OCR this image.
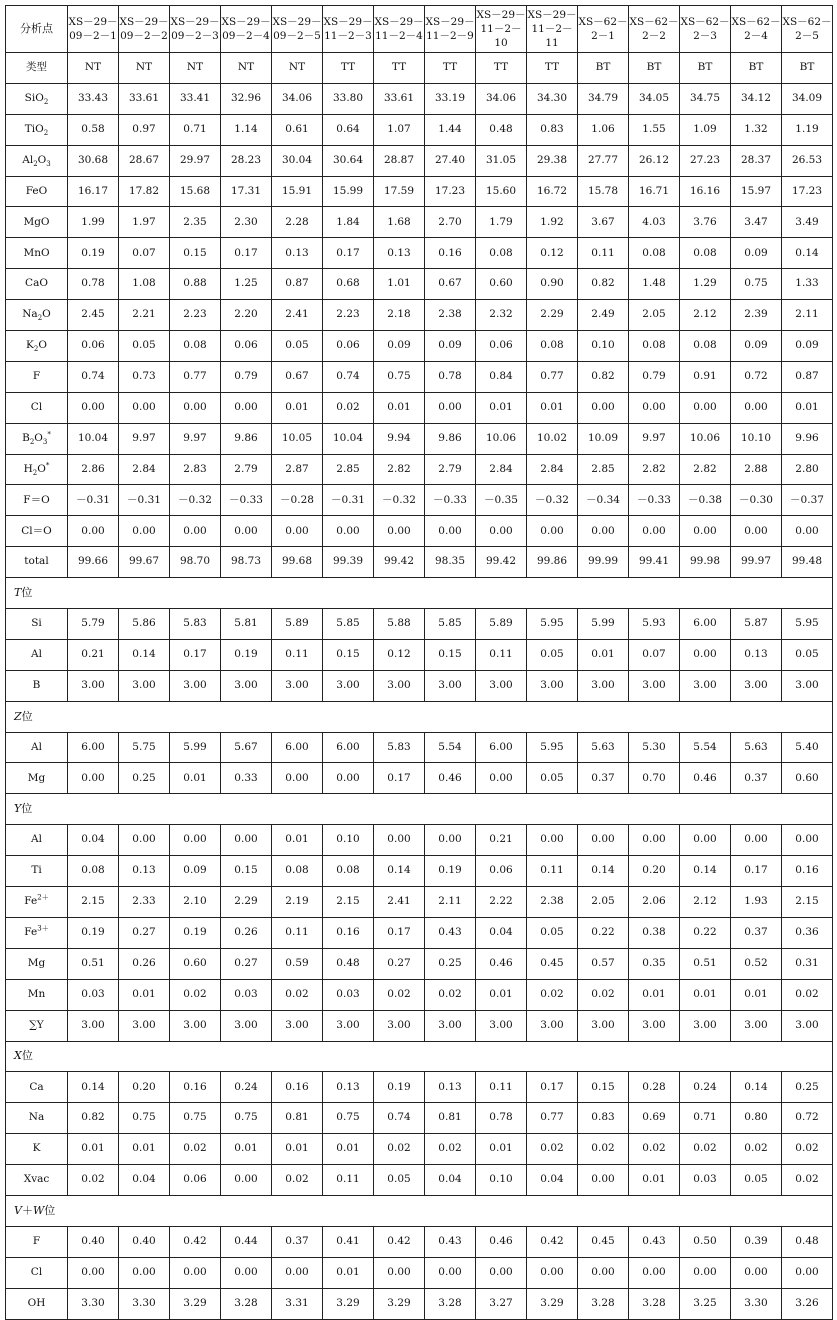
分析点	XS－29－09－2－1	XS－29－09－2－2	XS－29－09－2－3	XS－29－09－2－4	XS－29－09－2－5	XS－29－11－2－3	XS－29－11－2－4	XS－29－11－2－9	XS－29－11－2－10	XS－29－11－2－11	XS－62－2－1	XS－62－2－2	XS－62－2－3	XS－62－2－4	XS－62－2－5
类型	NT	NT	NT	NT	NT	TT	TT	TT	TT	TT	BT	BT	BT	BT	BT
SiO$_2$	33.43	33.61	33.41	32.96	34.06	33.80	33.61	33.19	34.06	34.30	34.79	34.05	34.75	34.12	34.09
TiO$_2$	0.58	0.97	0.71	1.14	0.61	0.64	1.07	1.44	0.48	0.83	1.06	1.55	1.09	1.32	1.19
$Al_2O_3$	30.68	28.67	29.97	28.23	30.04	30.64	28.87	27.40	31.05	29.38	27.77	26.12	27.23	28.37	26.53
FeO	16.17	17.82	15.68	17.31	15.91	15.99	17.59	17.23	15.60	16.72	15.78	16.71	16.16	15.97	17.23
MgO	1.99	1.97	2.35	2.30	2.28	1.84	1.68	2.70	1.79	1.92	3.67	4.03	3.76	3.47	3.49
MnO	0.19	0.07	0.15	0.17	0.13	0.17	0.13	0.16	0.08	0.12	0.11	0.08	0.08	0.09	0.14
CaO	0.78	1.08	0.88	1.25	0.87	0.68	1.01	0.67	0.60	0.90	0.82	1.48	1.29	0.75	1.33
$Na_2O$	2.45	2.21	2.23	2.20	2.41	2.23	2.18	2.38	2.32	2.29	2.49	2.05	2.12	2.39	2.11
$K_2O$	0.06	0.05	0.08	0.06	0.05	0.06	0.09	0.09	0.06	0.08	0.10	0.08	0.08	0.09	0.09
F	0.74	0.73	0.77	0.79	0.67	0.74	0.75	0.78	0.84	0.77	0.82	0.79	0.91	0.72	0.87
Cl	0.00	0.00	0.00	0.00	0.01	0.02	0.01	0.00	0.01	0.01	0.00	0.00	0.00	0.00	0.01
$B_2O_3^*$	10.04	9.97	9.97	9.86	10.05	10.04	9.94	9.86	10.06	10.02	10.09	9.97	10.06	10.10	9.96
$H_2O^*$	2.86	2.84	2.83	2.79	2.87	2.85	2.82	2.79	2.84	2.84	2.85	2.82	2.82	2.88	2.80
F＝O	－0.31	－0.31	－0.32	－0.33	－0.28	－0.31	－0.32	－0.33	－0.35	－0.32	－0.34	－0.33	－0.38	－0.30	－0.37
Cl＝O	0.00	0.00	0.00	0.00	0.00	0.00	0.00	0.00	0.00	0.00	0.00	0.00	0.00	0.00	0.00
total	99.66	99.67	98.70	98.73	99.68	99.39	99.42	98.35	99.42	99.86	99.99	99.41	99.98	99.97	99.48
T位															
Si	5.79	5.86	5.83	5.81	5.89	5.85	5.88	5.85	5.89	5.95	5.99	5.93	6.00	5.87	5.95
Al	0.21	0.14	0.17	0.19	0.11	0.15	0.12	0.15	0.11	0.05	0.01	0.07	0.00	0.13	0.05
B	3.00	3.00	3.00	3.00	3.00	3.00	3.00	3.00	3.00	3.00	3.00	3.00	3.00	3.00	3.00
Z位															
Al	6.00	5.75	5.99	5.67	6.00	6.00	5.83	5.54	6.00	5.95	5.63	5.30	5.54	5.63	5.40
Mg	0.00	0.25	0.01	0.33	0.00	0.00	0.17	0.46	0.00	0.05	0.37	0.70	0.46	0.37	0.60
Y位															
Al	0.04	0.00	0.00	0.00	0.01	0.10	0.00	0.00	0.21	0.00	0.00	0.00	0.00	0.00	0.00
Ti	0.08	0.13	0.09	0.15	0.08	0.08	0.14	0.19	0.06	0.11	0.14	0.20	0.14	0.17	0.16
$Fe^{2+}$	2.15	2.33	2.10	2.29	2.19	2.15	2.41	2.11	2.22	2.38	2.05	2.06	2.12	1.93	2.15
$Fe^{3+}$	0.19	0.27	0.19	0.26	0.11	0.16	0.17	0.43	0.04	0.05	0.22	0.38	0.22	0.37	0.36
Mg	0.51	0.26	0.60	0.27	0.59	0.48	0.27	0.25	0.46	0.45	0.57	0.35	0.51	0.52	0.31
Mn	0.03	0.01	0.02	0.03	0.02	0.03	0.02	0.02	0.01	0.02	0.02	0.01	0.01	0.01	0.02
∑Y	3.00	3.00	3.00	3.00	3.00	3.00	3.00	3.00	3.00	3.00	3.00	3.00	3.00	3.00	3.00
X位															
Ca	0.14	0.20	0.16	0.24	0.16	0.13	0.19	0.13	0.11	0.17	0.15	0.28	0.24	0.14	0.25
Na	0.82	0.75	0.75	0.75	0.81	0.75	0.74	0.81	0.78	0.77	0.83	0.69	0.71	0.80	0.72
K	0.01	0.01	0.02	0.01	0.01	0.01	0.02	0.02	0.01	0.02	0.02	0.02	0.02	0.02	0.02
Xvac	0.02	0.04	0.06	0.00	0.02	0.11	0.05	0.04	0.10	0.04	0.00	0.01	0.03	0.05	0.02
V＋W位															
F	0.40	0.40	0.42	0.44	0.37	0.41	0.42	0.43	0.46	0.42	0.45	0.43	0.50	0.39	0.48
Cl	0.00	0.00	0.00	0.00	0.00	0.01	0.00	0.00	0.00	0.00	0.00	0.00	0.00	0.00	0.00
OH	3.30	3.30	3.29	3.28	3.31	3.29	3.29	3.28	3.27	3.29	3.28	3.28	3.25	3.30	3.26
